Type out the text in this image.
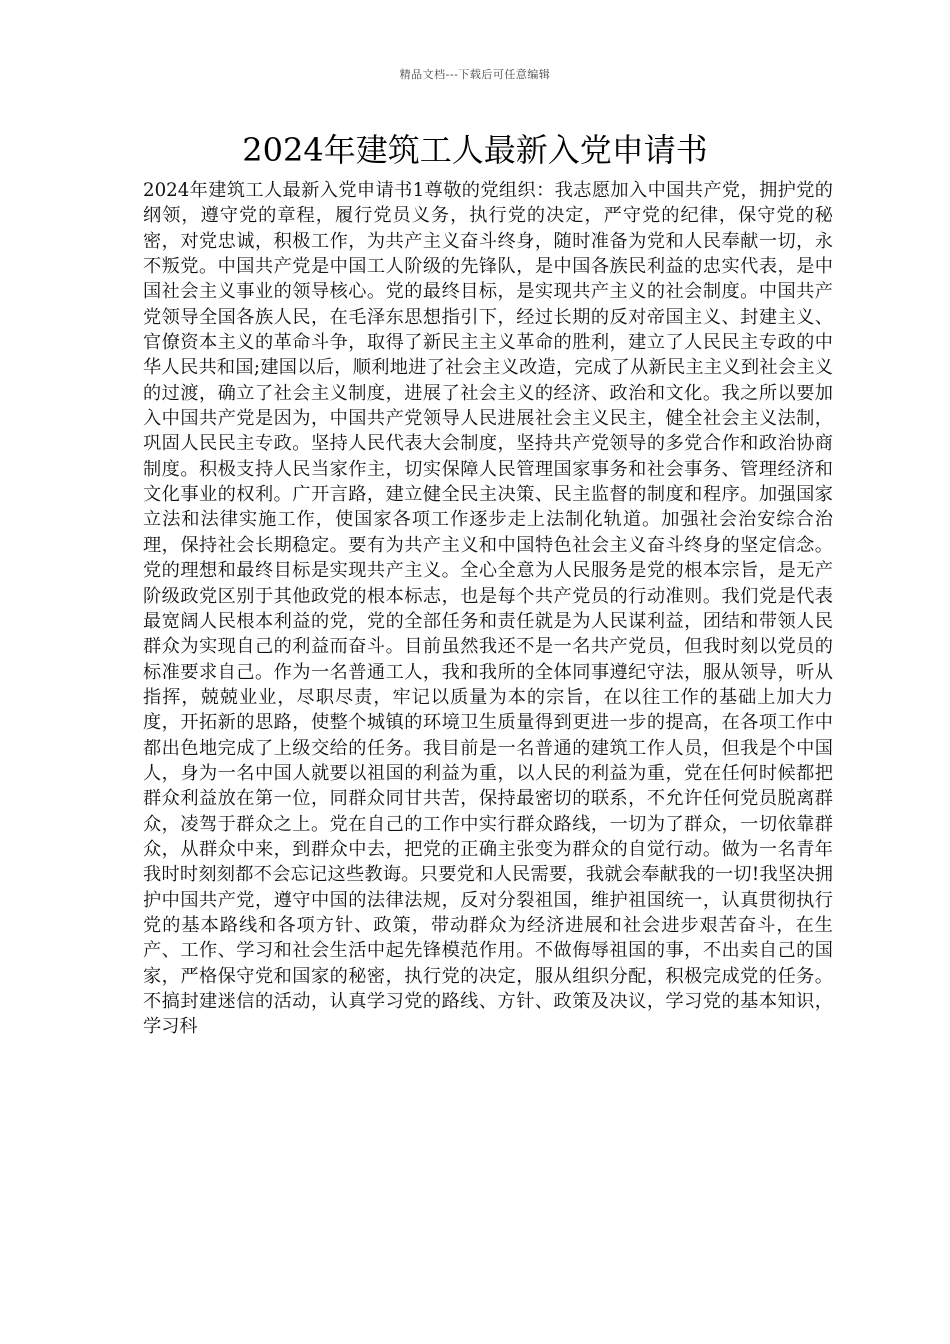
精品文档---下载后可任意编辑
2024年建筑工人最新入党申请书

2024年建筑工人最新入党申请书1尊敬的党组织：我志愿加入中国共产党，拥护党的纲领，遵守党的章程，履行党员义务，执行党的决定，严守党的纪律，保守党的秘密，对党忠诚，积极工作，为共产主义奋斗终身，随时准备为党和人民奉献一切，永不叛党。中国共产党是中国工人阶级的先锋队，是中国各族民利益的忠实代表，是中国社会主义事业的领导核心。党的最终目标，是实现共产主义的社会制度。中国共产党领导全国各族人民，在毛泽东思想指引下，经过长期的反对帝国主义、封建主义、官僚资本主义的革命斗争，取得了新民主主义革命的胜利，建立了人民民主专政的中华人民共和国;建国以后，顺利地进了社会主义改造，完成了从新民主主义到社会主义的过渡，确立了社会主义制度，进展了社会主义的经济、政治和文化。我之所以要加入中国共产党是因为，中国共产党领导人民进展社会主义民主，健全社会主义法制，巩固人民民主专政。坚持人民代表大会制度，坚持共产党领导的多党合作和政治协商制度。积极支持人民当家作主，切实保障人民管理国家事务和社会事务、管理经济和文化事业的权利。广开言路，建立健全民主决策、民主监督的制度和程序。加强国家立法和法律实施工作，使国家各项工作逐步走上法制化轨道。加强社会治安综合治理，保持社会长期稳定。要有为共产主义和中国特色社会主义奋斗终身的坚定信念。党的理想和最终目标是实现共产主义。全心全意为人民服务是党的根本宗旨，是无产阶级政党区别于其他政党的根本标志，也是每个共产党员的行动准则。我们党是代表最宽阔人民根本利益的党，党的全部任务和责任就是为人民谋利益，团结和带领人民群众为实现自己的利益而奋斗。目前虽然我还不是一名共产党员，但我时刻以党员的标准要求自己。作为一名普通工人，我和我所的全体同事遵纪守法，服从领导，听从指挥，兢兢业业，尽职尽责，牢记以质量为本的宗旨，在以往工作的基础上加大力度，开拓新的思路，使整个城镇的环境卫生质量得到更进一步的提高，在各项工作中都出色地完成了上级交给的任务。我目前是一名普通的建筑工作人员，但我是个中国人，身为一名中国人就要以祖国的利益为重，以人民的利益为重，党在任何时候都把群众利益放在第一位，同群众同甘共苦，保持最密切的联系，不允许任何党员脱离群众，凌驾于群众之上。党在自己的工作中实行群众路线，一切为了群众，一切依靠群众，从群众中来，到群众中去，把党的正确主张变为群众的自觉行动。做为一名青年我时时刻刻都不会忘记这些教诲。只要党和人民需要，我就会奉献我的一切!我坚决拥护中国共产党，遵守中国的法律法规，反对分裂祖国，维护祖国统一，认真贯彻执行党的基本路线和各项方针、政策，带动群众为经济进展和社会进步艰苦奋斗，在生产、工作、学习和社会生活中起先锋模范作用。不做侮辱祖国的事，不出卖自己的国家，严格保守党和国家的秘密，执行党的决定，服从组织分配，积极完成党的任务。不搞封建迷信的活动，认真学习党的路线、方针、政策及决议，学习党的基本知识，学习科
